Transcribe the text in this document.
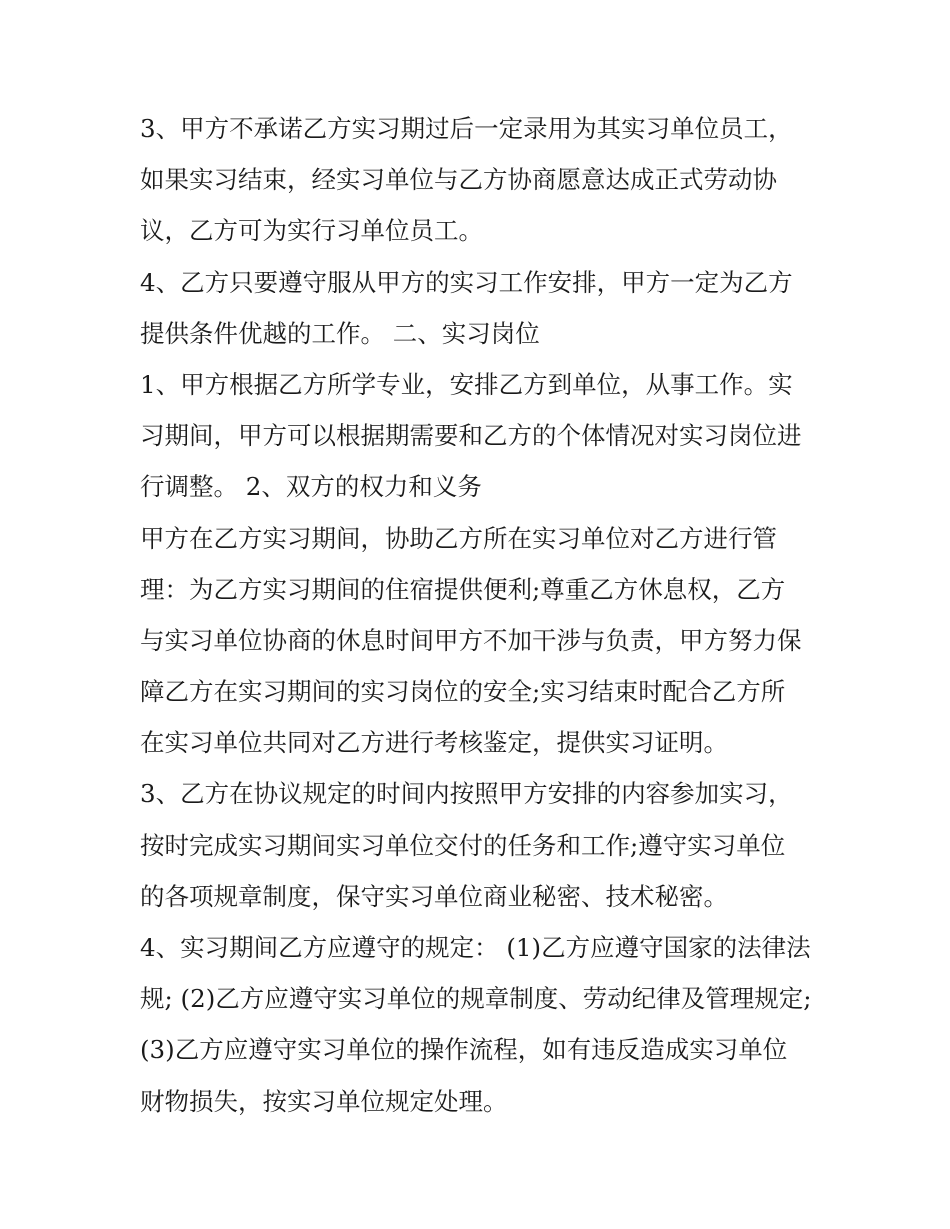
3、甲方不承诺乙方实习期过后一定录用为其实习单位员工，
如果实习结束，经实习单位与乙方协商愿意达成正式劳动协
议，乙方可为实行习单位员工。
4、乙方只要遵守服从甲方的实习工作安排，甲方一定为乙方
提供条件优越的工作。 二、实习岗位
1、甲方根据乙方所学专业，安排乙方到单位，从事工作。实
习期间，甲方可以根据期需要和乙方的个体情况对实习岗位进
行调整。 2、双方的权力和义务
甲方在乙方实习期间，协助乙方所在实习单位对乙方进行管
理：为乙方实习期间的住宿提供便利;尊重乙方休息权，乙方
与实习单位协商的休息时间甲方不加干涉与负责，甲方努力保
障乙方在实习期间的实习岗位的安全;实习结束时配合乙方所
在实习单位共同对乙方进行考核鉴定，提供实习证明。
3、乙方在协议规定的时间内按照甲方安排的内容参加实习，
按时完成实习期间实习单位交付的任务和工作;遵守实习单位
的各项规章制度，保守实习单位商业秘密、技术秘密。
4、实习期间乙方应遵守的规定： (1)乙方应遵守国家的法律法
规; (2)乙方应遵守实习单位的规章制度、劳动纪律及管理规定;
(3)乙方应遵守实习单位的操作流程，如有违反造成实习单位
财物损失，按实习单位规定处理。
